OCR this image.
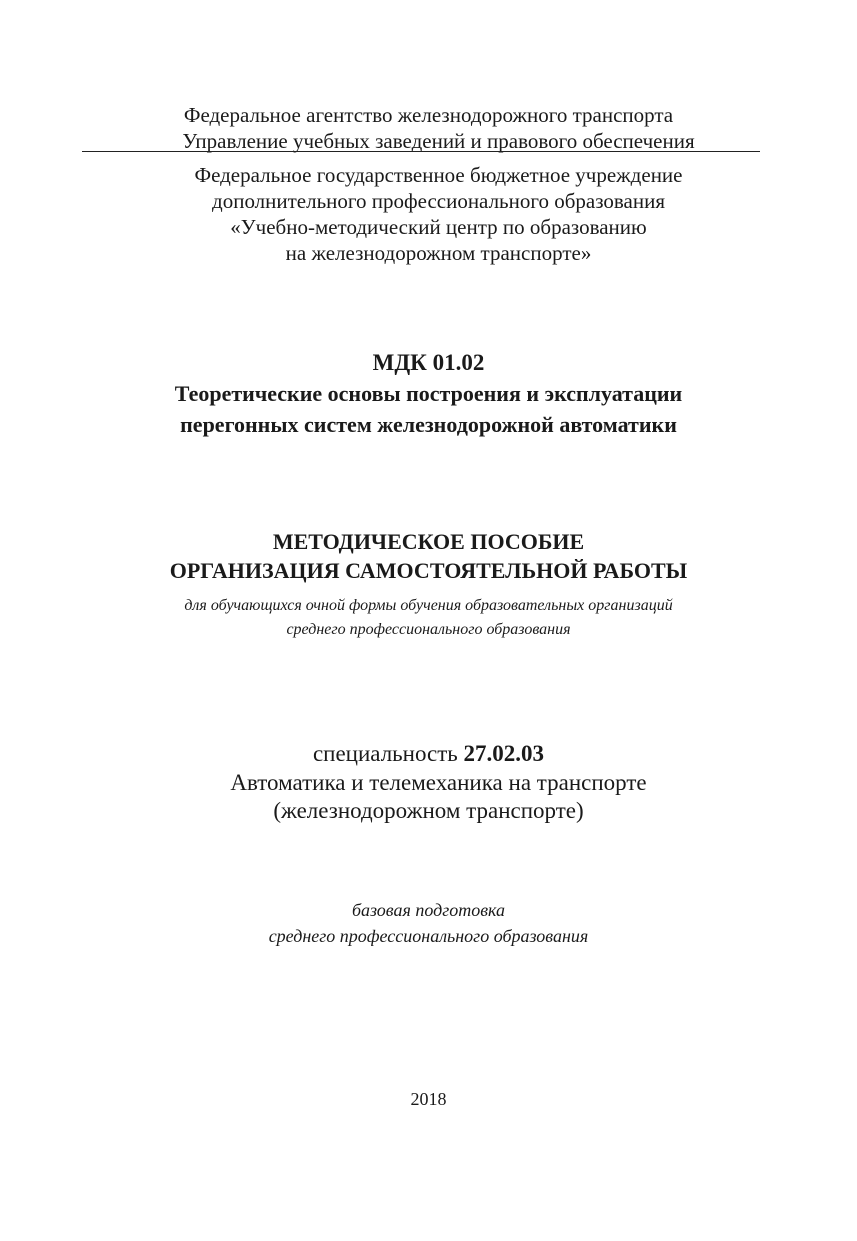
Федеральное агентство железнодорожного транспорта
Управление учебных заведений и правового обеспечения
Федеральное государственное бюджетное учреждение
дополнительного профессионального образования
«Учебно-методический центр по образованию
на железнодорожном транспорте»
МДК 01.02
Теоретические основы построения и эксплуатации
перегонных систем железнодорожной автоматики
МЕТОДИЧЕСКОЕ ПОСОБИЕ
ОРГАНИЗАЦИЯ САМОСТОЯТЕЛЬНОЙ РАБОТЫ
для обучающихся очной формы обучения образовательных организаций
среднего профессионального образования
специальность 27.02.03
Автоматика и телемеханика на транспорте
(железнодорожном транспорте)
базовая подготовка
среднего профессионального образования
2018
